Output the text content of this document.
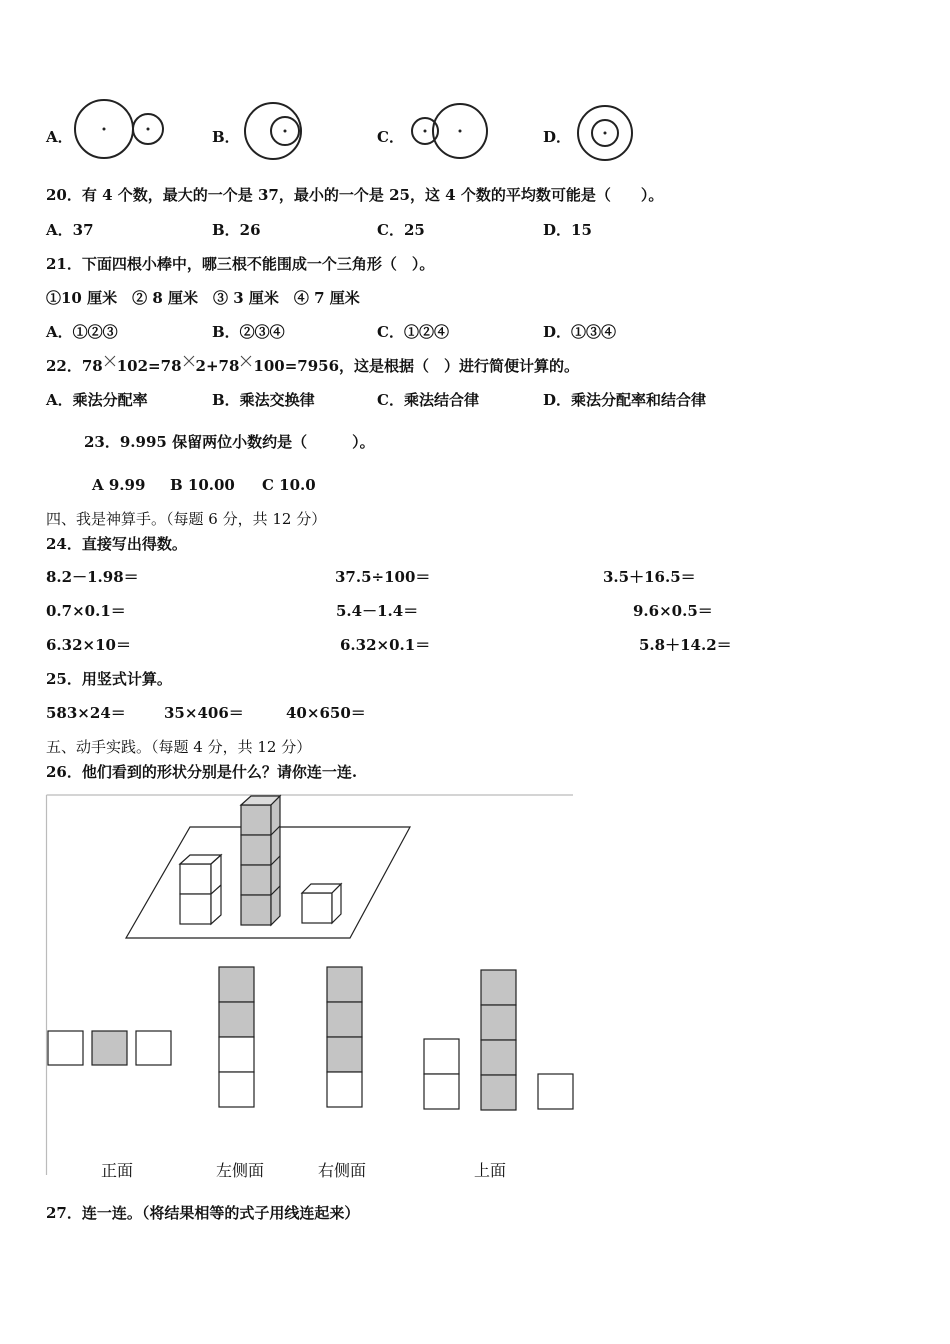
A．	B．	C．	D．
20．有 4 个数，最大的一个是 37，最小的一个是 25，这 4 个数的平均数可能是（　　）。
A．37	B．26	C．25	D．15
21．下面四根小棒中，哪三根不能围成一个三角形（　）。
①10 厘米　② 8 厘米　③ 3 厘米　④ 7 厘米
A．①②③	B．②③④	C．①②④	D．①③④
22．78 102=78 2+78 100=7956，这是根据（　）进行简便计算的。
A．乘法分配率	B．乘法交换律	C．乘法结合律	D．乘法分配率和结合律
23．9.995 保留两位小数约是（　　　）。
A 9.99 B 10.00 C 10.0
四、我是神算手。（每题 6 分，共 12 分）
24．直接写出得数。
8.2－1.98＝	37.5÷100＝	3.5＋16.5＝
0.7×0.1＝	5.4－1.4＝	9.6×0.5＝
6.32×10＝	6.32×0.1＝	5.8＋14.2＝
25．用竖式计算。
583×24＝	35×406＝	40×650＝
五、动手实践。（每题 4 分，共 12 分）
26．他们看到的形状分别是什么？请你连一连.
正面	左侧面	右侧面	上面
27．连一连。（将结果相等的式子用线连起来）
